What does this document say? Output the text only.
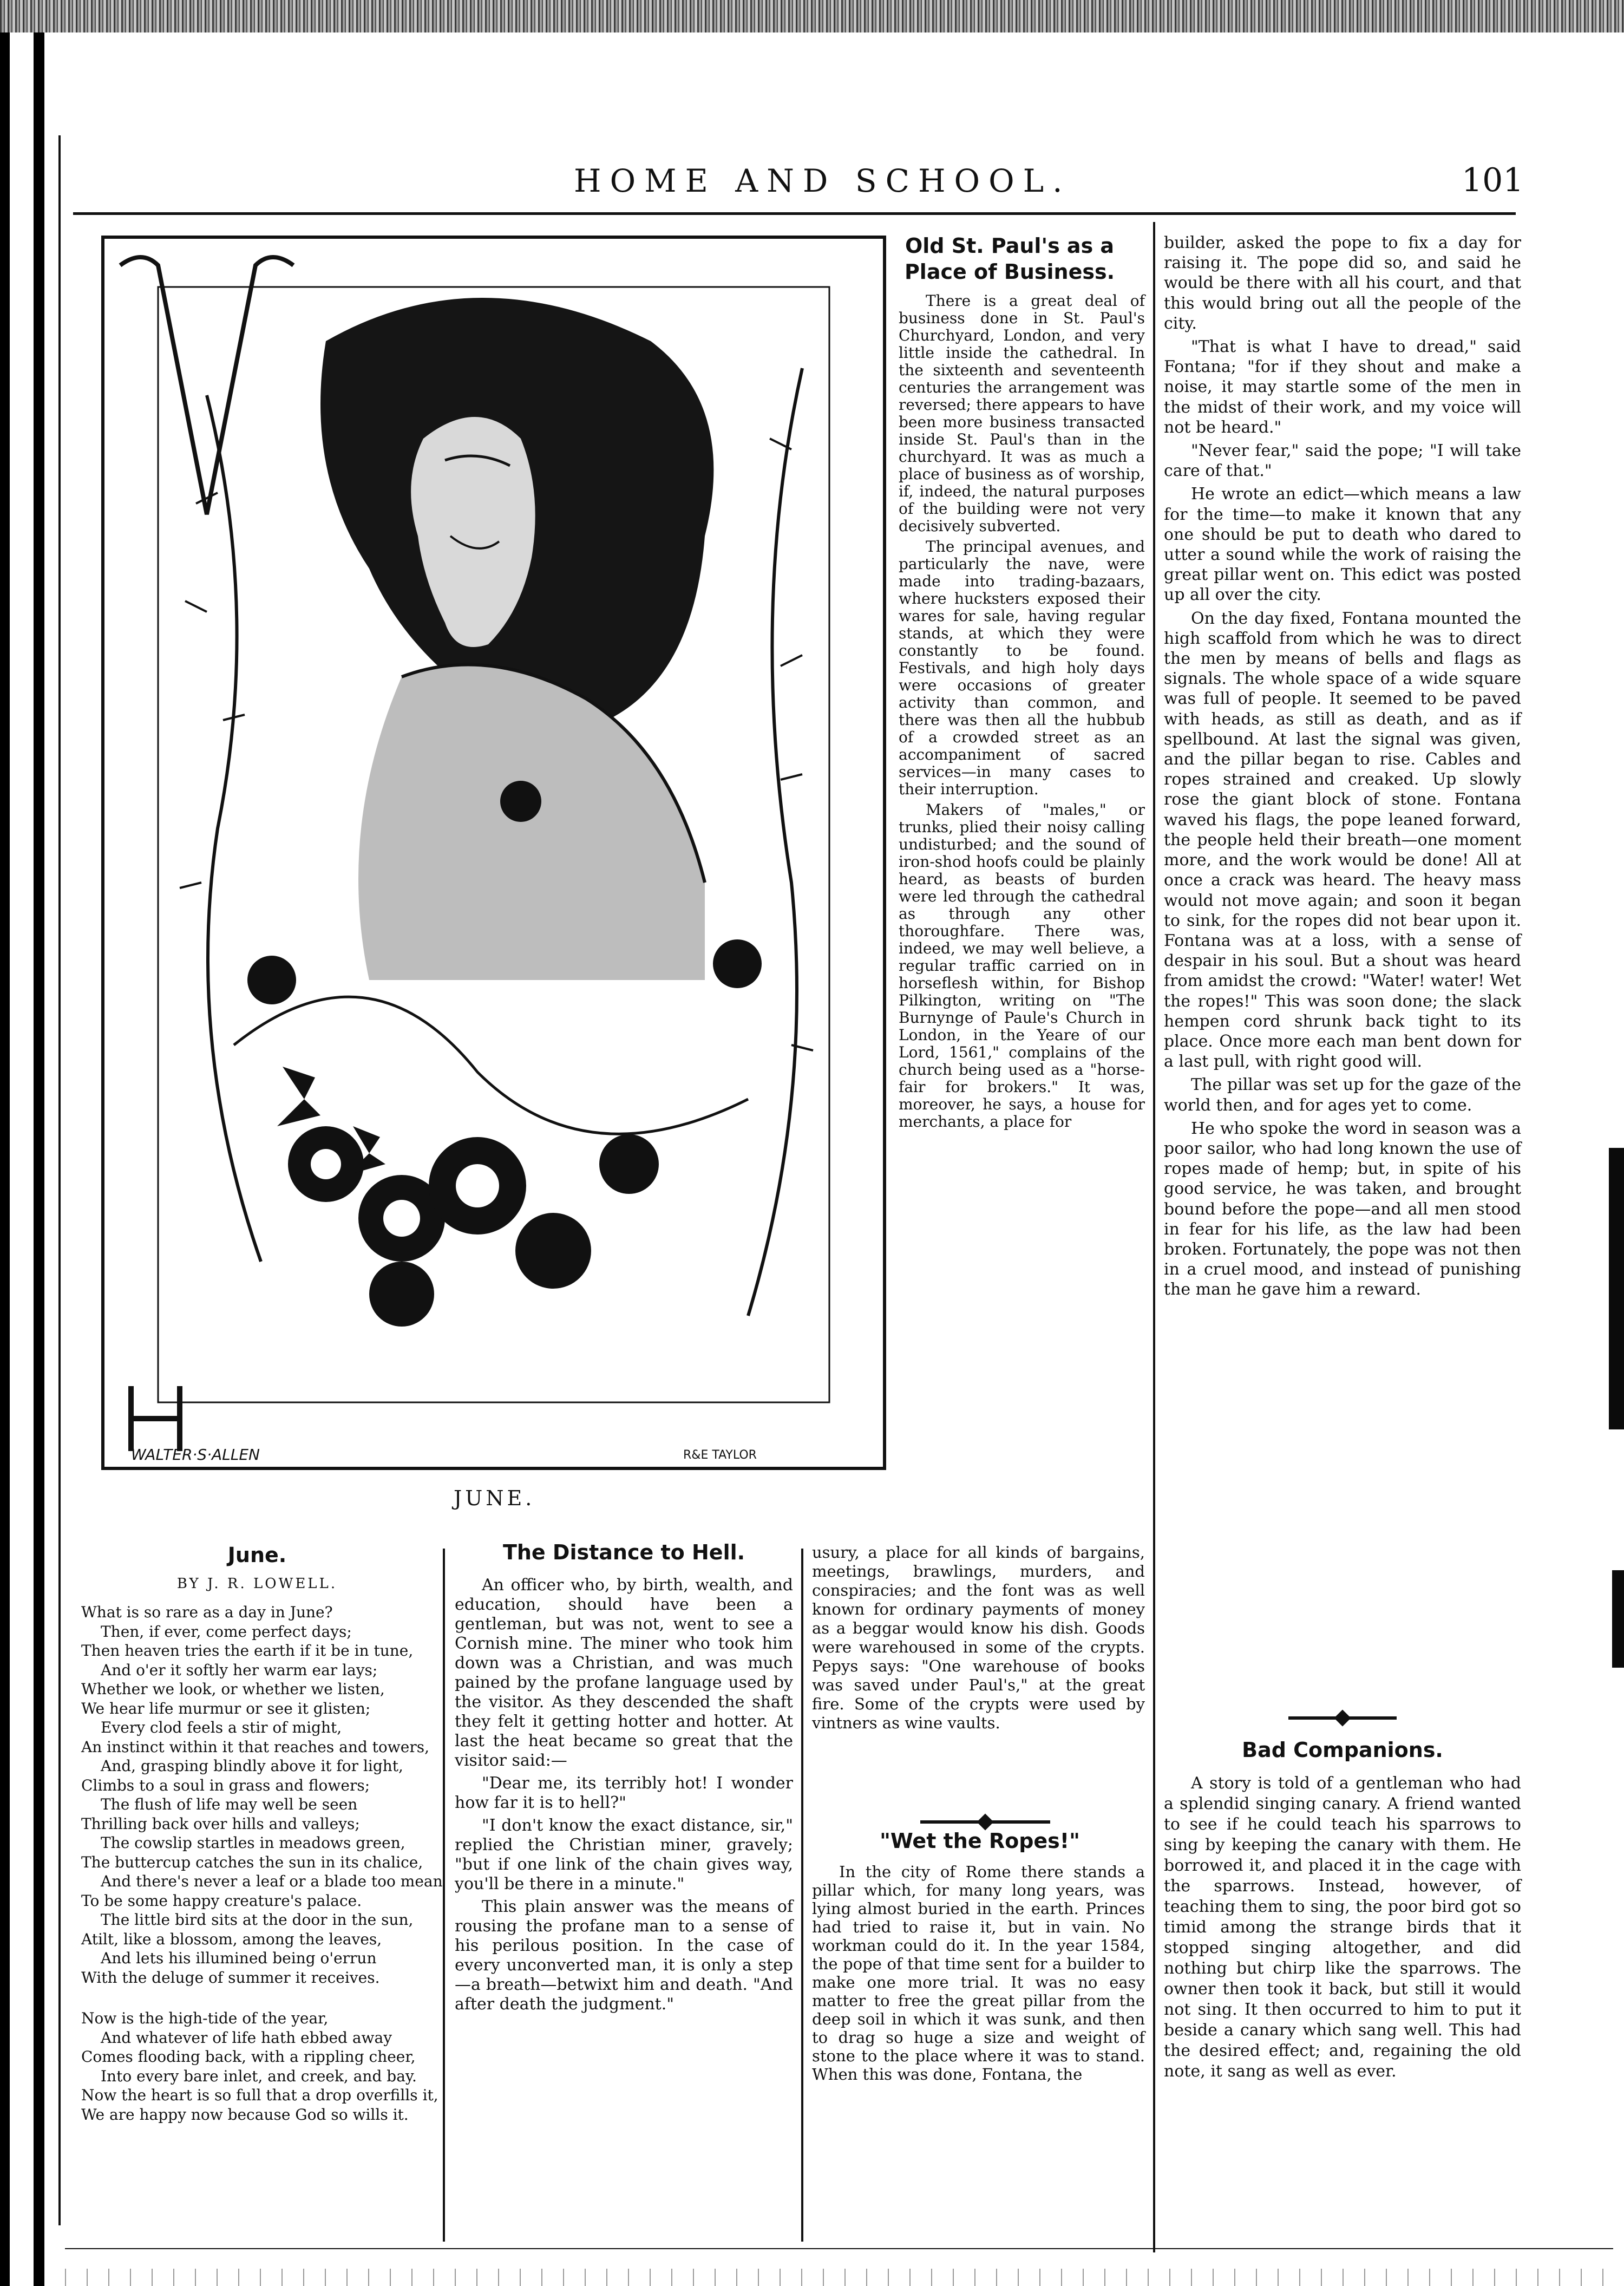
HOME AND SCHOOL.	101
WALTER·S·ALLEN	R&E TAYLOR
JUNE.
Old St. Paul's as a Place of Business.

There is a great deal of business done in St. Paul's Churchyard, London, and very little inside the cathedral. In the sixteenth and seventeenth centuries the arrangement was reversed; there appears to have been more business transacted inside St. Paul's than in the churchyard. It was as much a place of business as of worship, if, indeed, the natural purposes of the building were not very decisively subverted.

The principal avenues, and particularly the nave, were made into trading-bazaars, where hucksters exposed their wares for sale, having regular stands, at which they were constantly to be found. Festivals, and high holy days were occasions of greater activity than common, and there was then all the hubbub of a crowded street as an accompaniment of sacred services—in many cases to their interruption.

Makers of "males," or trunks, plied their noisy calling undisturbed; and the sound of iron-shod hoofs could be plainly heard, as beasts of burden were led through the cathedral as through any other thoroughfare. There was, indeed, we may well believe, a regular traffic carried on in horseflesh within, for Bishop Pilkington, writing on "The Burnynge of Paule's Church in London, in the Yeare of our Lord, 1561," complains of the church being used as a "horse-fair for brokers." It was, moreover, he says, a house for merchants, a place for

usury, a place for all kinds of bargains, meetings, brawlings, murders, and conspiracies; and the font was as well known for ordinary payments of money as a beggar would know his dish. Goods were warehoused in some of the crypts. Pepys says: "One warehouse of books was saved under Paul's," at the great fire. Some of the crypts were used by vintners as wine vaults.

"Wet the Ropes!"

In the city of Rome there stands a pillar which, for many long years, was lying almost buried in the earth. Princes had tried to raise it, but in vain. No workman could do it. In the year 1584, the pope of that time sent for a builder to make one more trial. It was no easy matter to free the great pillar from the deep soil in which it was sunk, and then to drag so huge a size and weight of stone to the place where it was to stand. When this was done, Fontana, the

builder, asked the pope to fix a day for raising it. The pope did so, and said he would be there with all his court, and that this would bring out all the people of the city.

"That is what I have to dread," said Fontana; "for if they shout and make a noise, it may startle some of the men in the midst of their work, and my voice will not be heard."

"Never fear," said the pope; "I will take care of that."

He wrote an edict—which means a law for the time—to make it known that any one should be put to death who dared to utter a sound while the work of raising the great pillar went on. This edict was posted up all over the city.

On the day fixed, Fontana mounted the high scaffold from which he was to direct the men by means of bells and flags as signals. The whole space of a wide square was full of people. It seemed to be paved with heads, as still as death, and as if spellbound. At last the signal was given, and the pillar began to rise. Cables and ropes strained and creaked. Up slowly rose the giant block of stone. Fontana waved his flags, the pope leaned forward, the people held their breath—one moment more, and the work would be done! All at once a crack was heard. The heavy mass would not move again; and soon it began to sink, for the ropes did not bear upon it. Fontana was at a loss, with a sense of despair in his soul. But a shout was heard from amidst the crowd: "Water! water! Wet the ropes!" This was soon done; the slack hempen cord shrunk back tight to its place. Once more each man bent down for a last pull, with right good will.

The pillar was set up for the gaze of the world then, and for ages yet to come.

He who spoke the word in season was a poor sailor, who had long known the use of ropes made of hemp; but, in spite of his good service, he was taken, and brought bound before the pope—and all men stood in fear for his life, as the law had been broken. Fortunately, the pope was not then in a cruel mood, and instead of punishing the man he gave him a reward.

Bad Companions.

A story is told of a gentleman who had a splendid singing canary. A friend wanted to see if he could teach his sparrows to sing by keeping the canary with them. He borrowed it, and placed it in the cage with the sparrows. Instead, however, of teaching them to sing, the poor bird got so timid among the strange birds that it stopped singing altogether, and did nothing but chirp like the sparrows. The owner then took it back, but still it would not sing. It then occurred to him to put it beside a canary which sang well. This had the desired effect; and, regaining the old note, it sang as well as ever.

The Distance to Hell.

An officer who, by birth, wealth, and education, should have been a gentleman, but was not, went to see a Cornish mine. The miner who took him down was a Christian, and was much pained by the profane language used by the visitor. As they descended the shaft they felt it getting hotter and hotter. At last the heat became so great that the visitor said:—

"Dear me, its terribly hot! I wonder how far it is to hell?"

"I don't know the exact distance, sir," replied the Christian miner, gravely; "but if one link of the chain gives way, you'll be there in a minute."

This plain answer was the means of rousing the profane man to a sense of his perilous position. In the case of every unconverted man, it is only a step—a breath—betwixt him and death. "And after death the judgment."

June.
BY J. R. LOWELL.
What is so rare as a day in June?
Then, if ever, come perfect days;
Then heaven tries the earth if it be in tune,
And o'er it softly her warm ear lays;
Whether we look, or whether we listen,
We hear life murmur or see it glisten;
Every clod feels a stir of might,
An instinct within it that reaches and towers,
And, grasping blindly above it for light,
Climbs to a soul in grass and flowers;
The flush of life may well be seen
Thrilling back over hills and valleys;
The cowslip startles in meadows green,
The buttercup catches the sun in its chalice,
And there's never a leaf or a blade too mean
To be some happy creature's palace.
The little bird sits at the door in the sun,
Atilt, like a blossom, among the leaves,
And lets his illumined being o'errun
With the deluge of summer it receives.
Now is the high-tide of the year,
And whatever of life hath ebbed away
Comes flooding back, with a rippling cheer,
Into every bare inlet, and creek, and bay.
Now the heart is so full that a drop overfills it,
We are happy now because God so wills it.
